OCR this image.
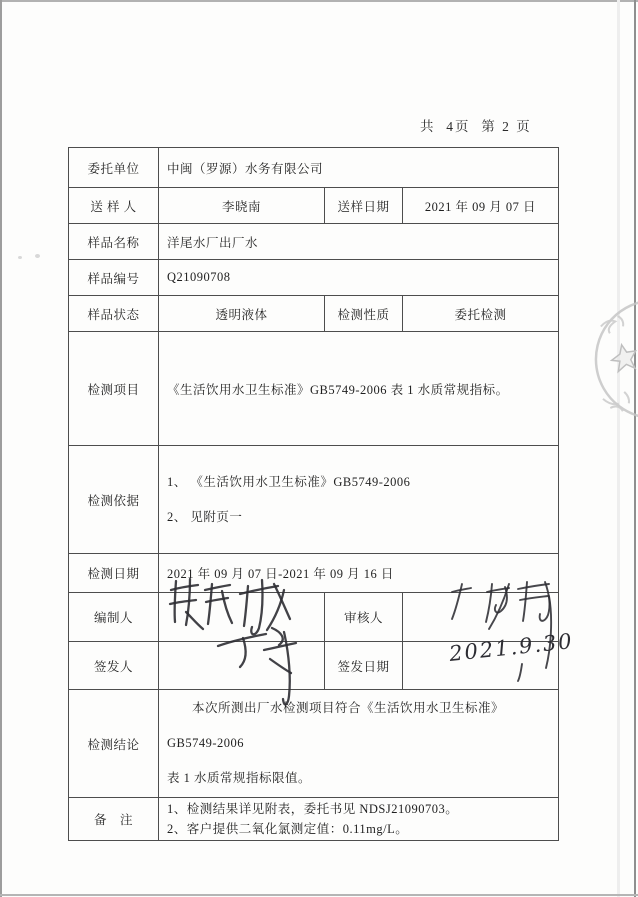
共  4页  第 2 页
委托单位	中闽（罗源）水务有限公司		
送 样 人	李晓南	送样日期	2021 年 09 月 07 日
样品名称	洋尾水厂出厂水		
样品编号	Q21090708		
样品状态	透明液体	检测性质	委托检测
检测项目	《生活饮用水卫生标准》GB5749-2006 表 1 水质常规指标。		
检测依据	1、 《生活饮用水卫生标准》GB5749-2006
2、 见附页一		

检测日期	2021 年 09 月 07 日-2021 年 09 月 16 日		
编制人		审核人	
签发人		签发日期	
检测结论	本次所测出厂水检测项目符合《生活饮用水卫生标准》GB5749-2006
表 1 水质常规指标限值。		

备　注	1、检测结果详见附表，委托书见 NDSJ21090703。
2、客户提供二氧化氯测定值：0.11mg/L。		
2021.9.30
